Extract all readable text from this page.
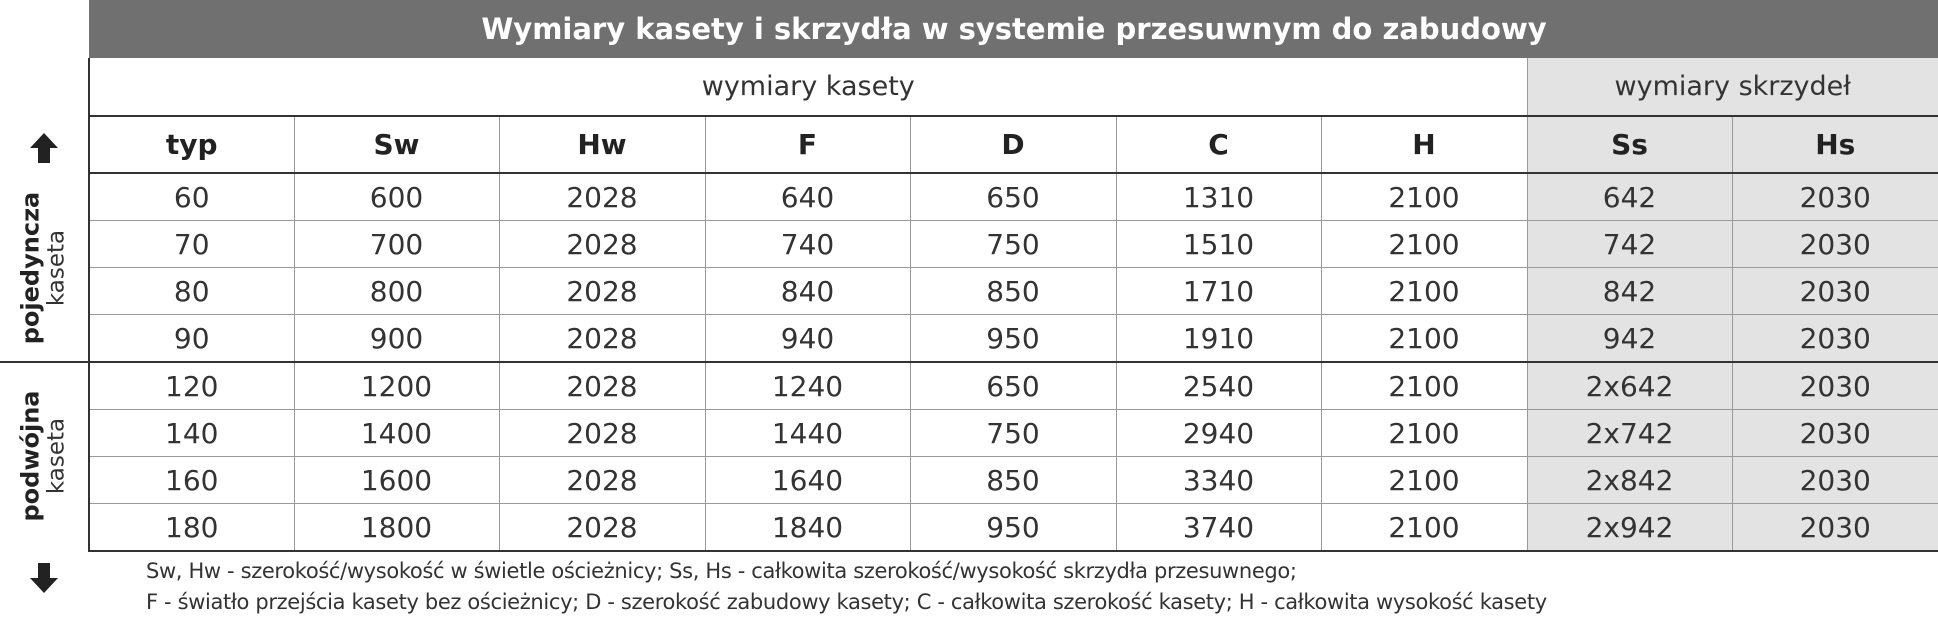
pojedyncza
kaseta
podwójna
kaseta
Wymiary kasety i skrzydła w systemie przesuwnym do zabudowy								
wymiary kasety							wymiary skrzydeł	
typ	Sw	Hw	F	D	C	H	Ss	Hs
60	600	2028	640	650	1310	2100	642	2030
70	700	2028	740	750	1510	2100	742	2030
80	800	2028	840	850	1710	2100	842	2030
90	900	2028	940	950	1910	2100	942	2030
120	1200	2028	1240	650	2540	2100	2x642	2030
140	1400	2028	1440	750	2940	2100	2x742	2030
160	1600	2028	1640	850	3340	2100	2x842	2030
180	1800	2028	1840	950	3740	2100	2x942	2030
Sw, Hw - szerokość/wysokość w świetle ościeżnicy; Ss, Hs - całkowita szerokość/wysokość skrzydła przesuwnego;
F - światło przejścia kasety bez ościeżnicy; D - szerokość zabudowy kasety; C - całkowita szerokość kasety; H - całkowita wysokość kasety
